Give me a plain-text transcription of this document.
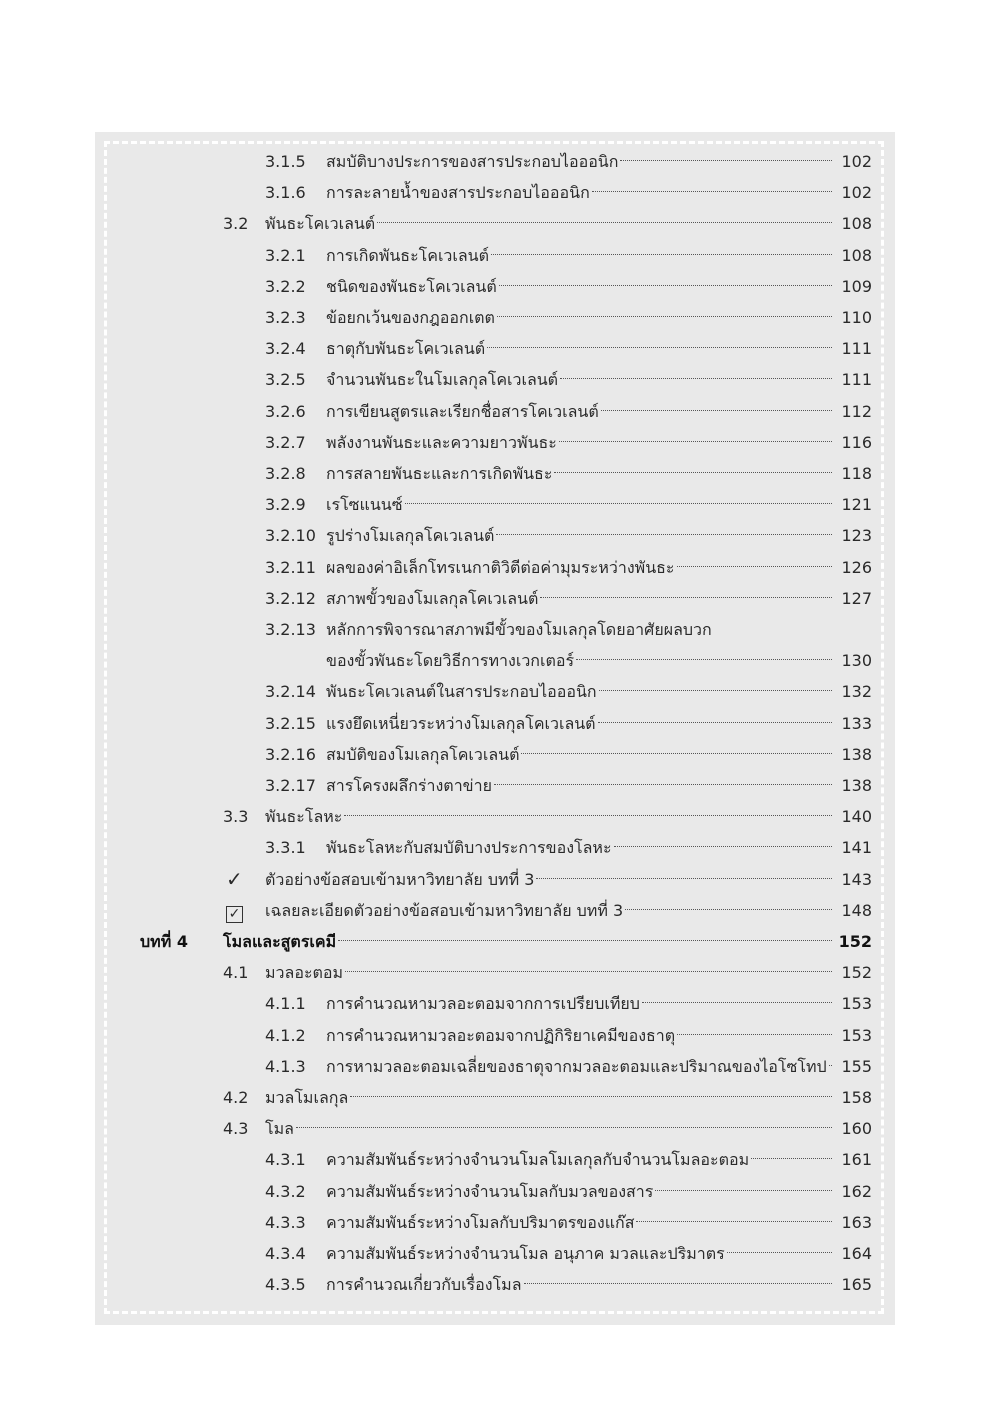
3.1.5 สมบัติบางประการของสารประกอบไอออนิก	102
3.1.6 การละลายน้ำของสารประกอบไอออนิก	102
3.2 พันธะโคเวเลนต์	108
3.2.1 การเกิดพันธะโคเวเลนต์	108
3.2.2 ชนิดของพันธะโคเวเลนต์	109
3.2.3 ข้อยกเว้นของกฎออกเตต	110
3.2.4 ธาตุกับพันธะโคเวเลนต์	111
3.2.5 จำนวนพันธะในโมเลกุลโคเวเลนต์	111
3.2.6 การเขียนสูตรและเรียกชื่อสารโคเวเลนต์	112
3.2.7 พลังงานพันธะและความยาวพันธะ	116
3.2.8 การสลายพันธะและการเกิดพันธะ	118
3.2.9 เรโซแนนซ์	121
3.2.10 รูปร่างโมเลกุลโคเวเลนต์	123
3.2.11 ผลของค่าอิเล็กโทรเนกาติวิตีต่อค่ามุมระหว่างพันธะ	126
3.2.12 สภาพขั้วของโมเลกุลโคเวเลนต์	127
3.2.13 หลักการพิจารณาสภาพมีขั้วของโมเลกุลโดยอาศัยผลบวก
ของขั้วพันธะโดยวิธีการทางเวกเตอร์	130
3.2.14 พันธะโคเวเลนต์ในสารประกอบไอออนิก	132
3.2.15 แรงยึดเหนี่ยวระหว่างโมเลกุลโคเวเลนต์	133
3.2.16 สมบัติของโมเลกุลโคเวเลนต์	138
3.2.17 สารโครงผลึกร่างตาข่าย	138
3.3 พันธะโลหะ	140
3.3.1 พันธะโลหะกับสมบัติบางประการของโลหะ	141
✓ ตัวอย่างข้อสอบเข้ามหาวิทยาลัย บทที่ 3	143
✓ เฉลยละเอียดตัวอย่างข้อสอบเข้ามหาวิทยาลัย บทที่ 3	148
บทที่ 4 โมลและสูตรเคมี	152
4.1 มวลอะตอม	152
4.1.1 การคำนวณหามวลอะตอมจากการเปรียบเทียบ	153
4.1.2 การคำนวณหามวลอะตอมจากปฏิกิริยาเคมีของธาตุ	153
4.1.3 การหามวลอะตอมเฉลี่ยของธาตุจากมวลอะตอมและปริมาณของไอโซโทป 155
4.2 มวลโมเลกุล	158
4.3 โมล	160
4.3.1 ความสัมพันธ์ระหว่างจำนวนโมลโมเลกุลกับจำนวนโมลอะตอม	161
4.3.2 ความสัมพันธ์ระหว่างจำนวนโมลกับมวลของสาร	162
4.3.3 ความสัมพันธ์ระหว่างโมลกับปริมาตรของแก๊ส	163
4.3.4 ความสัมพันธ์ระหว่างจำนวนโมล อนุภาค มวลและปริมาตร	164
4.3.5 การคำนวณเกี่ยวกับเรื่องโมล	165
